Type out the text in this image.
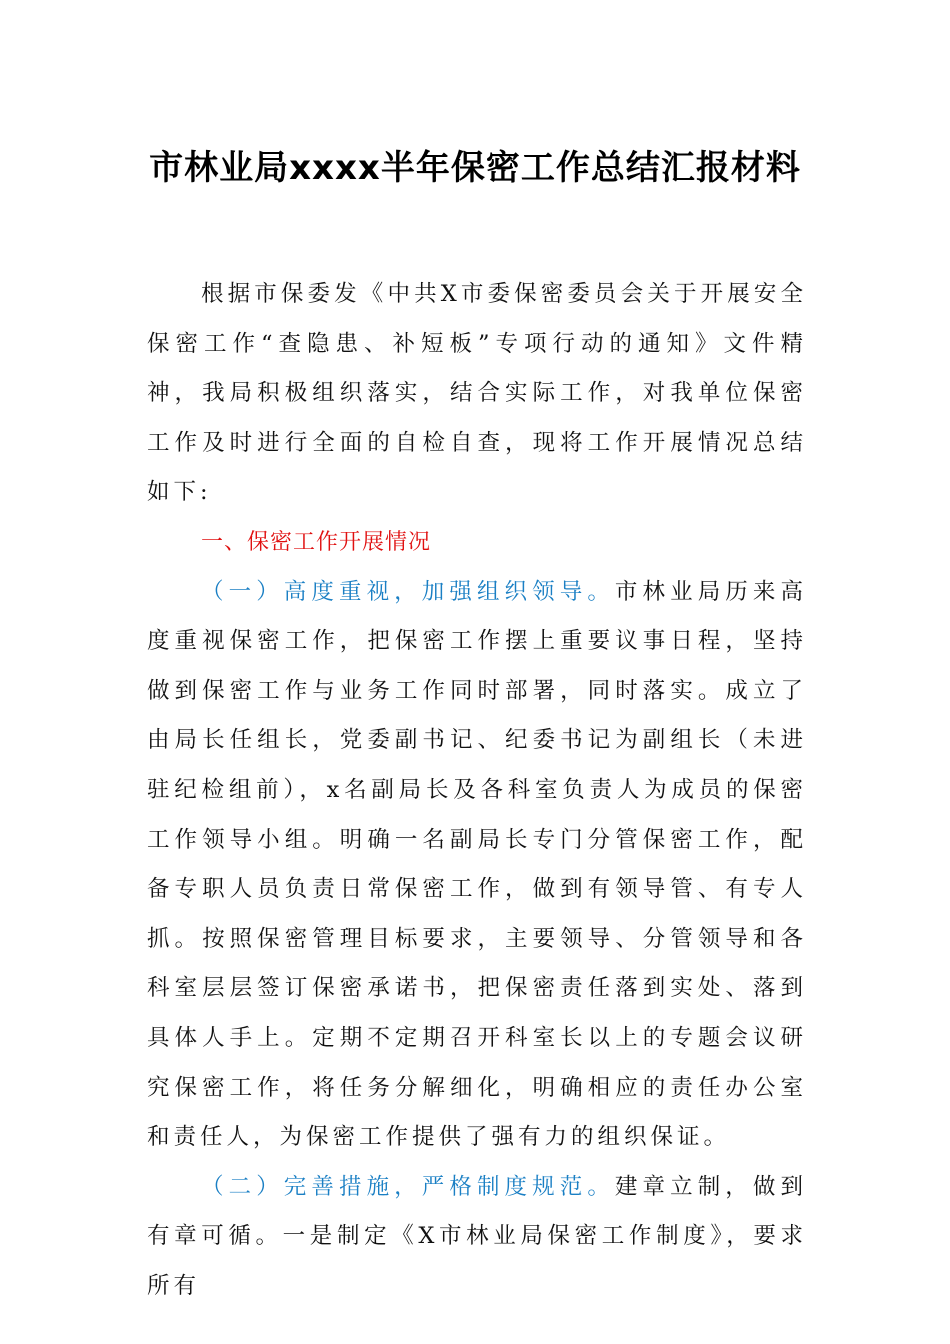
市林业局xxxx半年保密工作总结汇报材料

根据市保委发《中共X市委保密委员会关于开展安全保密工作“查隐患、补短板”专项行动的通知》文件精神，我局积极组织落实，结合实际工作，对我单位保密工作及时进行全面的自检自查，现将工作开展情况总结如下:

一、保密工作开展情况

（一）高度重视，加强组织领导。市林业局历来高度重视保密工作，把保密工作摆上重要议事日程，坚持做到保密工作与业务工作同时部署，同时落实。成立了由局长任组长，党委副书记、纪委书记为副组长（未进驻纪检组前），x名副局长及各科室负责人为成员的保密工作领导小组。明确一名副局长专门分管保密工作，配备专职人员负责日常保密工作，做到有领导管、有专人抓。按照保密管理目标要求，主要领导、分管领导和各科室层层签订保密承诺书，把保密责任落到实处、落到具体人手上。定期不定期召开科室长以上的专题会议研究保密工作，将任务分解细化，明确相应的责任办公室和责任人，为保密工作提供了强有力的组织保证。

（二）完善措施，严格制度规范。建章立制，做到有章可循。一是制定《X市林业局保密工作制度》，要求所有
